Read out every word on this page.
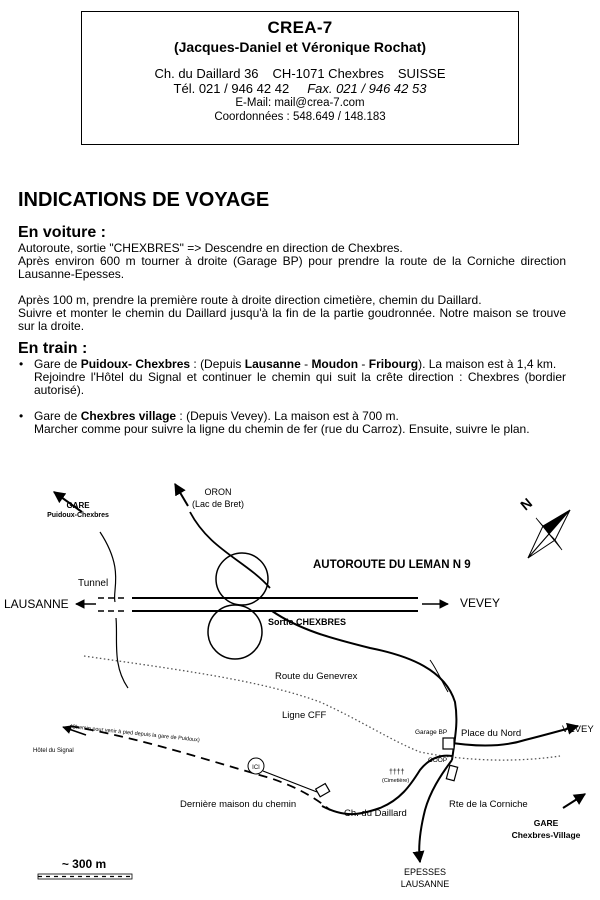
CREA-7
(Jacques-Daniel et Véronique Rochat)
Ch. du Daillard 36 CH-1071 Chexbres SUISSE
Tél. 021 / 946 42 42 Fax. 021 / 946 42 53
E-Mail: mail@crea-7.com
Coordonnées : 548.649 / 148.183
INDICATIONS DE VOYAGE
En voiture :

Autoroute, sortie "CHEXBRES" => Descendre en direction de Chexbres.

Après environ 600 m tourner à droite (Garage BP) pour prendre la route de la Corniche direction Lausanne-Epesses.

Après 100 m, prendre la première route à droite direction cimetière, chemin du Daillard.

Suivre et monter le chemin du Daillard jusqu'à la fin de la partie goudronnée. Notre maison se trouve sur la droite.

En train :
• Gare de Puidoux- Chexbres : (Depuis Lausanne - Moudon - Fribourg). La maison est à 1,4 km.
Rejoindre l'Hôtel du Signal et continuer le chemin qui suit la crête direction : Chexbres (bordier autorisé).
• Gare de Chexbres village : (Depuis Vevey). La maison est à 700 m.
Marcher comme pour suivre la ligne du chemin de fer (rue du Carroz). Ensuite, suivre le plan.
GARE
Puidoux-Chexbres
Tunnel
ORON
(Lac de Bret)
LAUSANNE	VEVEY
AUTOROUTE DU LEMAN N 9
Sortie CHEXBRES
N
Route du Genevrex
Ligne CFF
(Chemin pour venir à pied depuis la gare de Puidoux)
Hôtel du Signal
ICI
Dernière maison du chemin
Ch. du Daillard
Rte de la Corniche
EPESSES
LAUSANNE
VEVEY
Place du Nord
Garage BP
COOP
††††
(Cimetière)
GARE
Chexbres-Village
~ 300 m
